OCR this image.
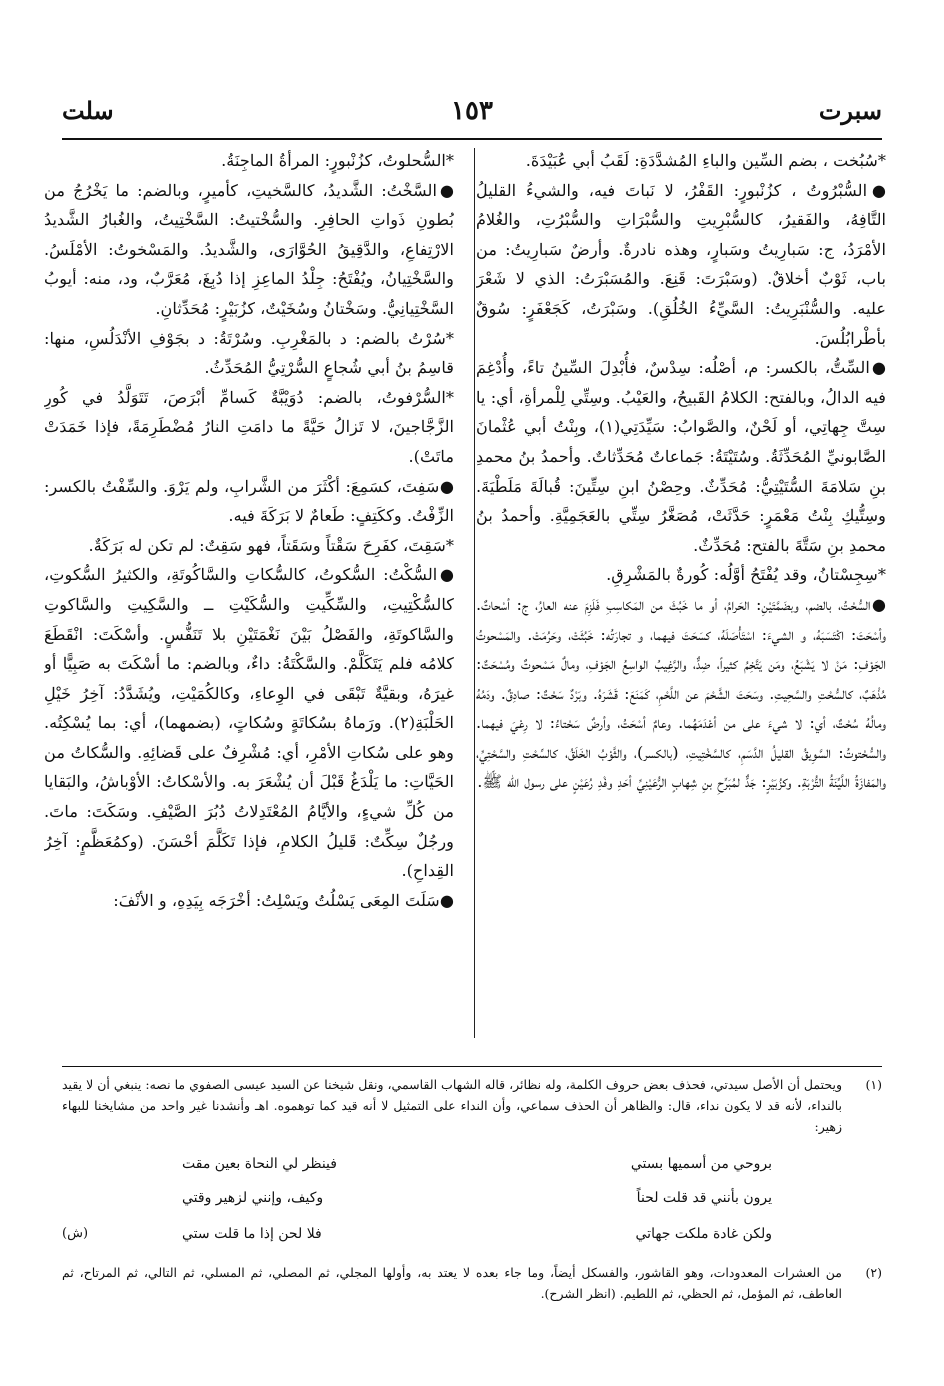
سبرت
١٥٣
سلت

*سُبُخت ، بضم السِّين والباءِ المُشدَّدَةِ: لَقَبُ أبي عُبَيْدَةَ.

●السُّبْرُوتُ ، كزُنْبورٍ: القَفْرُ، لا نَباتَ فيه، والشيءُ القليلُ التَّافِهُ، والفَقيرُ، كالسُّبْرِيتِ والسُّبْرَاتِ والسُّبْرُتِ، والغُلامُ الأمْرَدُ، ج: سَبارِيتُ وسَبارٍ، وهذه نادرةٌ. وأرضٌ سَبارِيتُ: من باب، ثَوْبٌ أخلاقٌ. (وسَبْرَتَ: قَنِعَ. والمُسَبْرَتُ: الذي لا شَعْرَ عليه. والسُّنْبَرِيتُ: السَّيِّءُ الخُلُقِ). وسَبْرَتُ، كَجَعْفَرٍ: سُوقٌ بأطْرابُلُسَ.

●السِّتُّ، بالكسر: م، أصْلُه: سِدْسٌ، فأُبْدِلَ السِّينُ تاءً، وأُدْغِمَ فيه الدالُ، وبالفتح: الكلامُ القَبيحُ، والعَيْبُ. وسِتِّي لِلْمرأةِ، أي: يا سِتَّ جِهاتِي، أو لَحْنٌ، والصَّوابُ: سَيِّدَتِي(١)، وبِنْتُ أبي عُثْمانَ الصَّابونيِّ المُحَدِّثَةُ. وسُتَيْتَةُ: جَماعاتٌ مُحَدِّثاتٌ. وأحمدُ بنُ محمدِ بنِ سَلامَةَ السُّتَيْتِيُّ: مُحَدِّثٌ. وحِصْنُ ابنِ سِتِّينَ: قُبالَةَ مَلَطْيَةَ. وسِتُّيكِ بِنْتُ مَعْمَرٍ: حَدَّثَتْ، مُصَغَّرُ سِتِّي بالعَجَمِيَّةِ. وأحمدُ بنُ محمدِ بنِ سَتَّةَ بالفتح: مُحَدِّثٌ.

*سِجِسْتانُ، وقد يُفْتَحُ أوَّلُه: كُورةٌ بالمَشْرِقِ.

●السُّحْتُ، بالضم، وبضَمَّتَيْنِ: الحَرامُ، أو ما خَبُثَ من المَكاسِبِ فَلَزِمَ عنه العارُ، ج: أسْحاتٌ. وأسْحَتَ: اكْتَسَبَهُ، و الشيءَ: اسْتَأْصَلَهُ، كسَحَتَ فيهما، و تجارَتُه: خَبُثَتْ، وحَرُمَتْ. والمَسْحوتُ الجَوْفِ: مَنْ لا يَشْبَعُ، ومَن يَتَّخِمُ كثيراً، ضِدٌّ، والرَّغِيبُ الواسِعُ الجَوْفِ، ومالٌ مَسْحوتٌ ومُسْحَتٌ: مُذْهَبٌ، كالسُّحْتِ والسَّحِيتِ. وسَحَتَ الشَّحْمَ عن اللَّحْمِ، كَمَنَعَ: قَشَرَهُ. وبَرْدٌ سَحْتٌ: صادِقٌ. ودَمُهُ ومالُهُ سُحْتٌ، أي: لا شيءَ على من أعْدَمَهُما. وعامٌ أسْحَتُ، وأرضٌ سَحْتاءُ: لا رِعْيَ فيهما. والسُّحْتوتُ: السَّوِيقُ القليلُ الدَّسَمِ، كالسَّخْتِيتِ، (بالكسر)، والثَّوْبُ الخَلَقُ، كالسِّحْتِ والسَّحْتِيِّ، والمَفازَةُ اللَّيِّنَةُ التُّرْبَةِ. وكزُبَيْرٍ: جَدٌّ لمُبَرِّحِ بنِ شِهابٍ الرُّعَيْنِيِّ أحَدِ وفْدِ رُعَيْنٍ على رسول الله ﷺ.

*السُّحلوتُ، كزُنْبورٍ: المرأةُ الماجِنَةُ.

●السَّخْتُ: الشَّديدُ، كالسَّخيتِ، كأميرٍ، وبالضم: ما يَخْرُجُ من بُطونِ ذَواتِ الحافِرِ. والسُّخْتيتُ: السَّخْتِيتُ، والغُبارُ الشَّديدُ الارْتِفاعِ، والدَّقِيقُ الحُوَّارَى، والشَّديدُ. والمَسْخوتُ: الأمْلَسُ. والسَّخْتِيانُ، ويُفْتَحُ: جِلْدُ الماعِزِ إذا دُبِغَ، مُعَرَّبٌ، ود، منه: أيوبُ السَّخْتِيانِيُّ. وسَخْتانُ وسُخَيْتٌ، كزُبَيْرٍ: مُحَدِّثانِ.

*سُرْتُ بالضم: د بالمَغْرِبِ. وسُرْتَةُ: د بجَوْفِ الأنْدَلُسِ، منها: قاسِمُ بنُ أبي شُجاعٍ السُّرْتِيُّ المُحَدِّثُ.

*السُّرْفوتُ، بالضم: دُوَيْبَّةٌ كَسامِّ أبْرَصَ، تَتَوَلَّدُ في كُورِ الزَّجَّاجينَ، لا تَزالُ حَيَّةً ما دامَتِ النارُ مُضْطَرِمَةً، فإذا خَمَدَتْ ماتَتْ).

●سَفِتَ، كسَمِعَ: أكْثَرَ من الشَّرابِ، ولم يَرْوَ. والسِّفْتُ بالكسر: الزِّفْتُ. وككَتِفٍ: طَعامٌ لا بَرَكَةَ فيه.

*سَقِتَ، كفَرِحَ سَقْتاً وسَقَتاً، فهو سَقِتٌ: لم تكن له بَرَكَةٌ.

●السُّكْتُ: السُّكوتُ، كالسُّكاتِ والسَّاكُوتَةِ، والكثيرُ السُّكوتِ، كالسُّكْتِيتِ، والسِّكِّيتِ والسُّكَيْتِ ــ والسَّكِيتِ والسَّاكوتِ والسَّاكوتَةِ، والفَصْلُ بَيْنَ نَغْمَتَيْنِ بلا تَنَفُّسٍ. وأسْكَتَ: انْقَطَعَ كلامُه فلم يَتَكَلَّمْ. والسَّكْتَةُ: داءٌ، وبالضم: ما أسْكَتَ به صَبِيًّا أو غيرَهُ، وبقيَّةٌ تَبْقَى في الوِعاءِ، وكالكُمَيْتِ، ويُشَدَّدُ: آخِرُ خَيْلِ الحَلْبَةِ(٢). ورَماهُ بسُكاتَةٍ وسُكاتٍ، (بضمهما)، أي: بما يُسْكِتُه. وهو على سُكاتِ الأمْرِ، أي: مُشْرِفٌ على قَضائِهِ. والسُّكاتُ من الحَيَّاتِ: ما يَلْدَغُ قَبْلَ أن يُشْعَرَ به. والأسْكاتُ: الأوْباشُ، والبَقايا من كُلِّ شيءٍ، والأيَّامُ المُعْتَدِلاتُ دُبُرَ الصَّيْفِ. وسَكَتَ: ماتَ. ورجُلٌ سِكِّتٌ: قَليلُ الكلامِ، فإذا تَكَلَّمَ أحْسَنَ. (وكمُعَظَّمٍ: آخِرُ القِداحِ).

●سَلَتَ المِعَى يَسْلُتُ ويَسْلِتُ: أخْرَجَه بِيَدِهِ، و الأنْفَ:

(١)
ويحتمل أن الأصل سيدتي، فحذف بعض حروف الكلمة، وله نظائر، قاله الشهاب القاسمي، ونقل شيخنا عن السيد عيسى الصفوي ما نصه: ينبغي أن لا يقيد بالنداء، لأنه قد لا يكون نداء، قال: والظاهر أن الحذف سماعي، وأن النداء على التمثيل لا أنه قيد كما توهموه. اهـ وأنشدنا غير واحد من مشايخنا للبهاء زهير:
بروحي من أسميها بستي
فينظر لي النحاة بعين مقت
يرون بأنني قد قلت لحناً
وكيف، وإنني لزهير وقتي
ولكن غادة ملكت جهاتي
فلا لحن إذا ما قلت ستي
(ش)
(٢)
من العشرات المعدودات، وهو القاشور، والفسكل أيضاً، وما جاء بعده لا يعتد به، وأولها المجلي، ثم المصلي، ثم المسلي، ثم التالي، ثم المرتاح، ثم العاطف، ثم المؤمل، ثم الحظي، ثم اللطيم. (انظر الشرح).
